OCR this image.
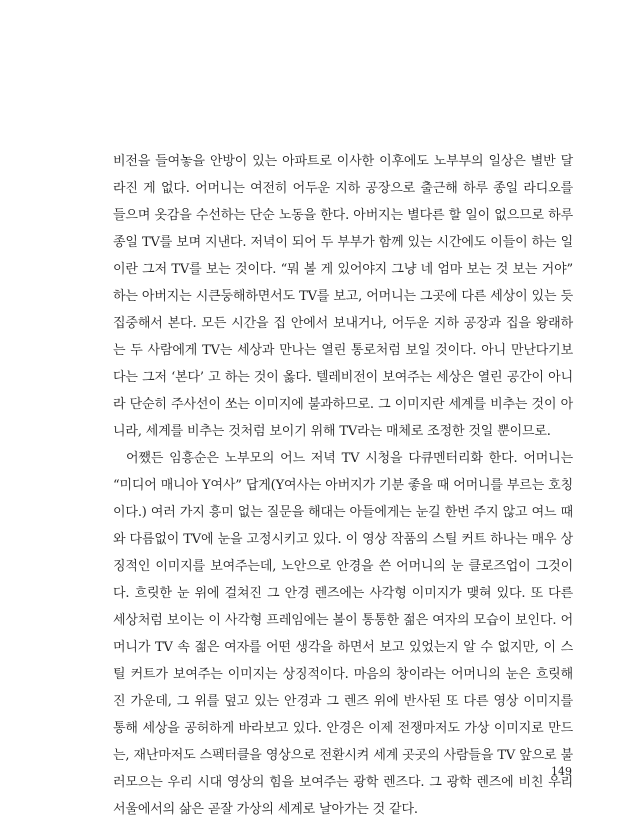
비전을 들여놓을 안방이 있는 아파트로 이사한 이후에도 노부부의 일상은 별반 달라진 게 없다. 어머니는 여전히 어두운 지하 공장으로 출근해 하루 종일 라디오를 들으며 옷감을 수선하는 단순 노동을 한다. 아버지는 별다른 할 일이 없으므로 하루 종일 TV를 보며 지낸다. 저녁이 되어 두 부부가 함께 있는 시간에도 이들이 하는 일이란 그저 TV를 보는 것이다. “뭐 볼 게 있어야지 그냥 네 엄마 보는 것 보는 거야” 하는 아버지는 시큰둥해하면서도 TV를 보고, 어머니는 그곳에 다른 세상이 있는 듯 집중해서 본다. 모든 시간을 집 안에서 보내거나, 어두운 지하 공장과 집을 왕래하는 두 사람에게 TV는 세상과 만나는 열린 통로처럼 보일 것이다. 아니 만난다기보다는 그저 ‘본다’ 고 하는 것이 옳다. 텔레비전이 보여주는 세상은 열린 공간이 아니라 단순히 주사선이 쏘는 이미지에 불과하므로. 그 이미지란 세계를 비추는 것이 아니라, 세계를 비추는 것처럼 보이기 위해 TV라는 매체로 조정한 것일 뿐이므로.

어쨌든 임흥순은 노부모의 어느 저녁 TV 시청을 다큐멘터리화 한다. 어머니는 “미디어 매니아 Y여사” 답게(Y여사는 아버지가 기분 좋을 때 어머니를 부르는 호칭이다.) 여러 가지 흥미 없는 질문을 해대는 아들에게는 눈길 한번 주지 않고 여느 때와 다름없이 TV에 눈을 고정시키고 있다. 이 영상 작품의 스틸 커트 하나는 매우 상징적인 이미지를 보여주는데, 노안으로 안경을 쓴 어머니의 눈 클로즈업이 그것이다. 흐릿한 눈 위에 걸쳐진 그 안경 렌즈에는 사각형 이미지가 맺혀 있다. 또 다른 세상처럼 보이는 이 사각형 프레임에는 볼이 통통한 젊은 여자의 모습이 보인다. 어머니가 TV 속 젊은 여자를 어떤 생각을 하면서 보고 있었는지 알 수 없지만, 이 스틸 커트가 보여주는 이미지는 상징적이다. 마음의 창이라는 어머니의 눈은 흐릿해진 가운데, 그 위를 덮고 있는 안경과 그 렌즈 위에 반사된 또 다른 영상 이미지를 통해 세상을 공허하게 바라보고 있다. 안경은 이제 전쟁마저도 가상 이미지로 만드는, 재난마저도 스펙터클을 영상으로 전환시켜 세계 곳곳의 사람들을 TV 앞으로 불러모으는 우리 시대 영상의 힘을 보여주는 광학 렌즈다. 그 광학 렌즈에 비친 우리 서울에서의 삶은 곧잘 가상의 세계로 날아가는 것 같다.

149
